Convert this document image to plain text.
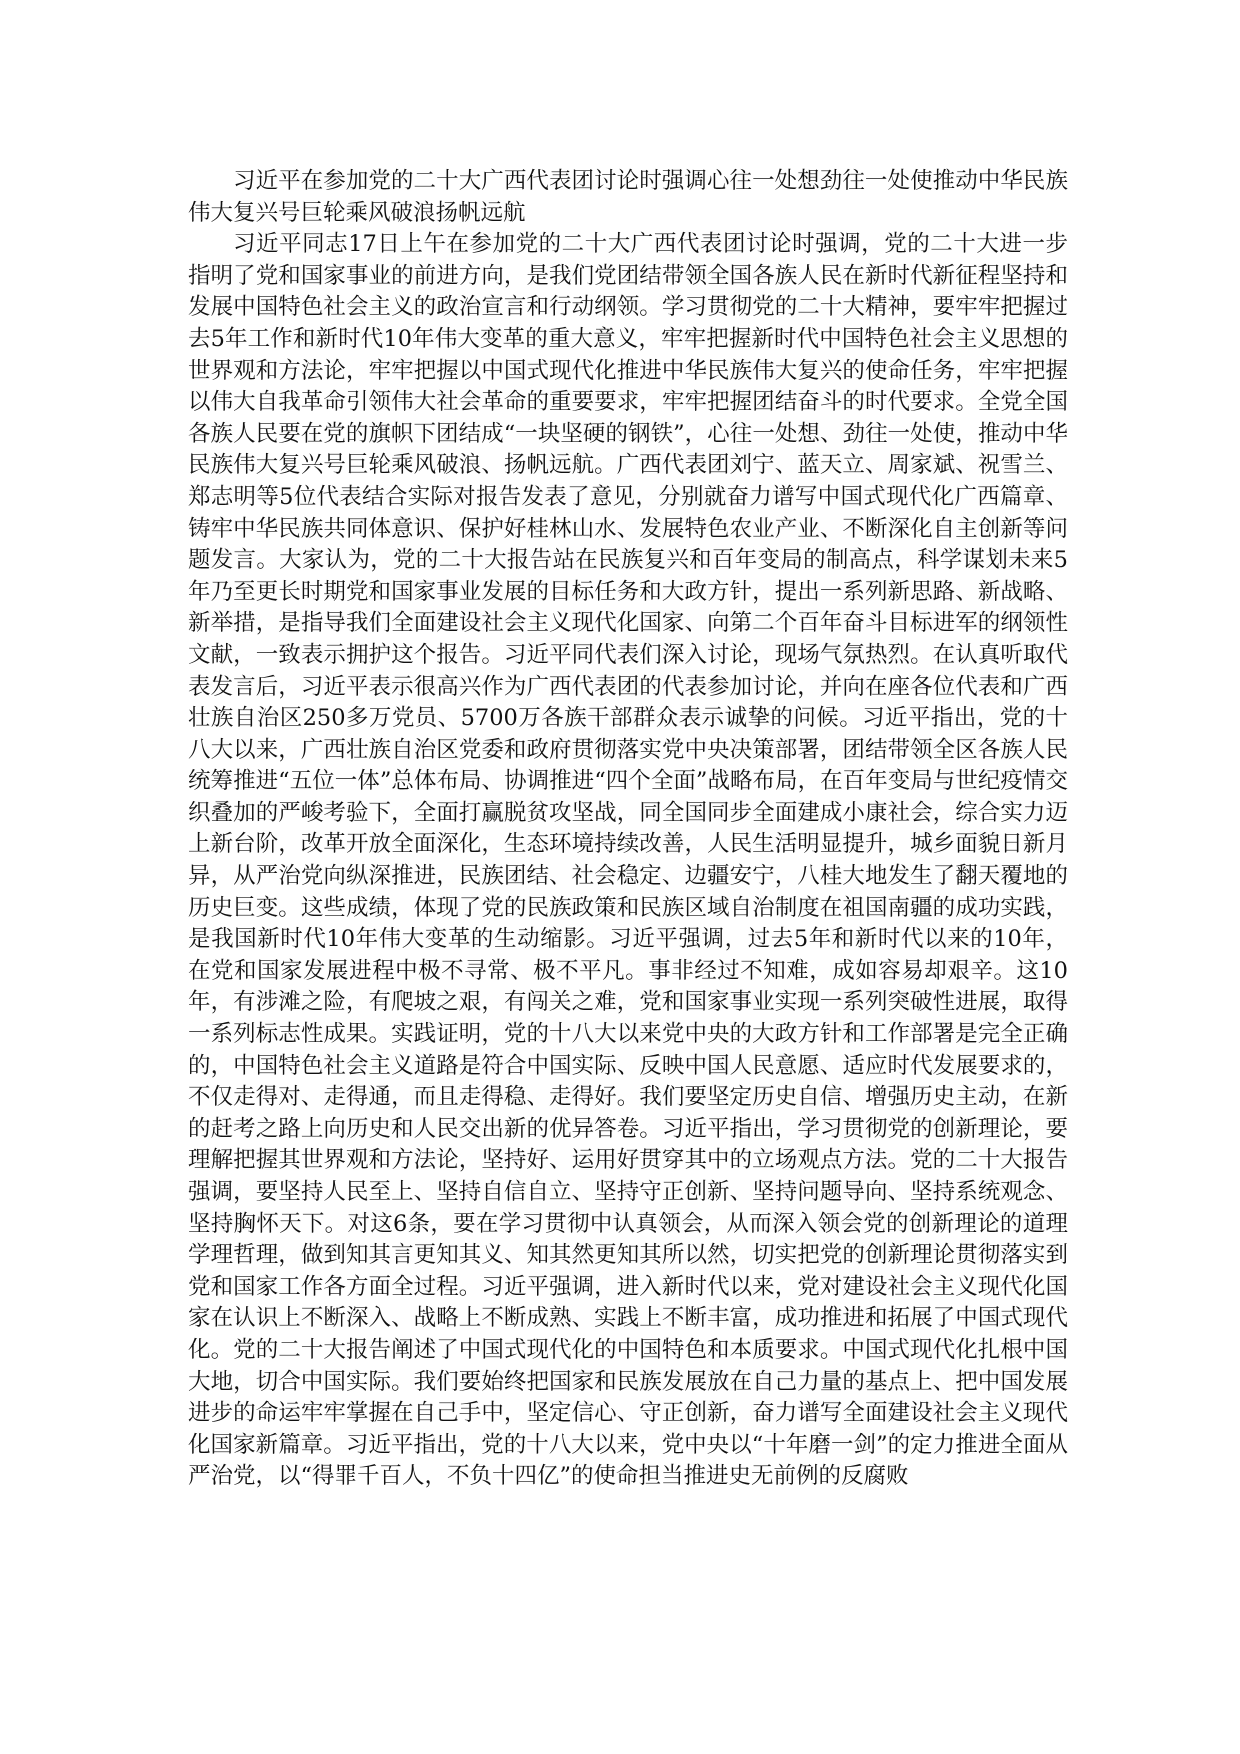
习近平在参加党的二十大广西代表团讨论时强调心往一处想劲往一处使推动中华民族伟大复兴号巨轮乘风破浪扬帆远航

习近平同志17日上午在参加党的二十大广西代表团讨论时强调，党的二十大进一步指明了党和国家事业的前进方向，是我们党团结带领全国各族人民在新时代新征程坚持和发展中国特色社会主义的政治宣言和行动纲领。学习贯彻党的二十大精神，要牢牢把握过去5年工作和新时代10年伟大变革的重大意义，牢牢把握新时代中国特色社会主义思想的世界观和方法论，牢牢把握以中国式现代化推进中华民族伟大复兴的使命任务，牢牢把握以伟大自我革命引领伟大社会革命的重要要求，牢牢把握团结奋斗的时代要求。全党全国各族人民要在党的旗帜下团结成“一块坚硬的钢铁”，心往一处想、劲往一处使，推动中华民族伟大复兴号巨轮乘风破浪、扬帆远航。广西代表团刘宁、蓝天立、周家斌、祝雪兰、郑志明等5位代表结合实际对报告发表了意见，分别就奋力谱写中国式现代化广西篇章、铸牢中华民族共同体意识、保护好桂林山水、发展特色农业产业、不断深化自主创新等问题发言。大家认为，党的二十大报告站在民族复兴和百年变局的制高点，科学谋划未来5年乃至更长时期党和国家事业发展的目标任务和大政方针，提出一系列新思路、新战略、新举措，是指导我们全面建设社会主义现代化国家、向第二个百年奋斗目标进军的纲领性文献，一致表示拥护这个报告。习近平同代表们深入讨论，现场气氛热烈。在认真听取代表发言后，习近平表示很高兴作为广西代表团的代表参加讨论，并向在座各位代表和广西壮族自治区250多万党员、5700万各族干部群众表示诚挚的问候。习近平指出，党的十八大以来，广西壮族自治区党委和政府贯彻落实党中央决策部署，团结带领全区各族人民统筹推进“五位一体”总体布局、协调推进“四个全面”战略布局，在百年变局与世纪疫情交织叠加的严峻考验下，全面打赢脱贫攻坚战，同全国同步全面建成小康社会，综合实力迈上新台阶，改革开放全面深化，生态环境持续改善，人民生活明显提升，城乡面貌日新月异，从严治党向纵深推进，民族团结、社会稳定、边疆安宁，八桂大地发生了翻天覆地的历史巨变。这些成绩，体现了党的民族政策和民族区域自治制度在祖国南疆的成功实践，是我国新时代10年伟大变革的生动缩影。习近平强调，过去5年和新时代以来的10年，在党和国家发展进程中极不寻常、极不平凡。事非经过不知难，成如容易却艰辛。这10年，有涉滩之险，有爬坡之艰，有闯关之难，党和国家事业实现一系列突破性进展，取得一系列标志性成果。实践证明，党的十八大以来党中央的大政方针和工作部署是完全正确的，中国特色社会主义道路是符合中国实际、反映中国人民意愿、适应时代发展要求的，不仅走得对、走得通，而且走得稳、走得好。我们要坚定历史自信、增强历史主动，在新的赶考之路上向历史和人民交出新的优异答卷。习近平指出，学习贯彻党的创新理论，要理解把握其世界观和方法论，坚持好、运用好贯穿其中的立场观点方法。党的二十大报告强调，要坚持人民至上、坚持自信自立、坚持守正创新、坚持问题导向、坚持系统观念、坚持胸怀天下。对这6条，要在学习贯彻中认真领会，从而深入领会党的创新理论的道理学理哲理，做到知其言更知其义、知其然更知其所以然，切实把党的创新理论贯彻落实到党和国家工作各方面全过程。习近平强调，进入新时代以来，党对建设社会主义现代化国家在认识上不断深入、战略上不断成熟、实践上不断丰富，成功推进和拓展了中国式现代化。党的二十大报告阐述了中国式现代化的中国特色和本质要求。中国式现代化扎根中国大地，切合中国实际。我们要始终把国家和民族发展放在自己力量的基点上、把中国发展进步的命运牢牢掌握在自己手中，坚定信心、守正创新，奋力谱写全面建设社会主义现代化国家新篇章。习近平指出，党的十八大以来，党中央以“十年磨一剑”的定力推进全面从严治党，以“得罪千百人，不负十四亿”的使命担当推进史无前例的反腐败
